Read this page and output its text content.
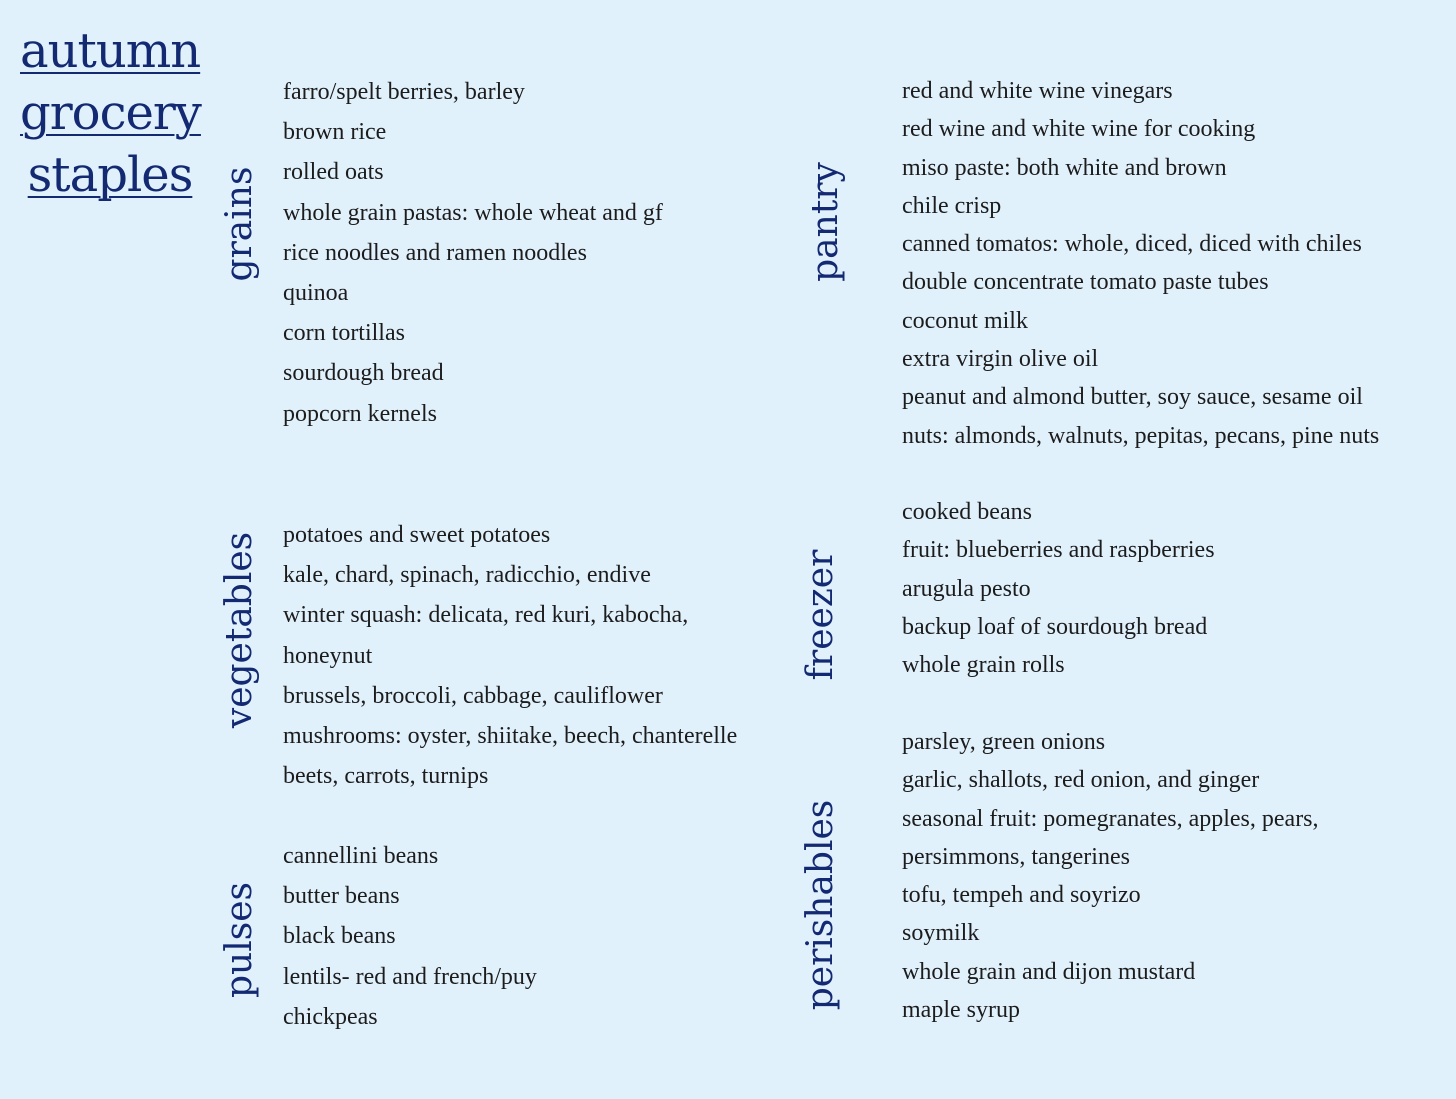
autumn
grocery
staples grains
vegetables
pulses
pantry
freezer
perishables
farro/spelt berries, barley
brown rice
rolled oats
whole grain pastas: whole wheat and gf
rice noodles and ramen noodles
quinoa
corn tortillas
sourdough bread
popcorn kernels
potatoes and sweet potatoes
kale, chard, spinach, radicchio, endive
winter squash: delicata, red kuri, kabocha,
honeynut
brussels, broccoli, cabbage, cauliflower
mushrooms: oyster, shiitake, beech, chanterelle
beets, carrots, turnips
cannellini beans
butter beans
black beans
lentils- red and french/puy
chickpeas
red and white wine vinegars
red wine and white wine for cooking
miso paste: both white and brown
chile crisp
canned tomatos: whole, diced, diced with chiles
double concentrate tomato paste tubes
coconut milk
extra virgin olive oil
peanut and almond butter, soy sauce, sesame oil
nuts: almonds, walnuts, pepitas, pecans, pine nuts
cooked beans
fruit: blueberries and raspberries
arugula pesto
backup loaf of sourdough bread
whole grain rolls
parsley, green onions
garlic, shallots, red onion, and ginger
seasonal fruit: pomegranates, apples, pears,
persimmons, tangerines
tofu, tempeh and soyrizo
soymilk
whole grain and dijon mustard
maple syrup
